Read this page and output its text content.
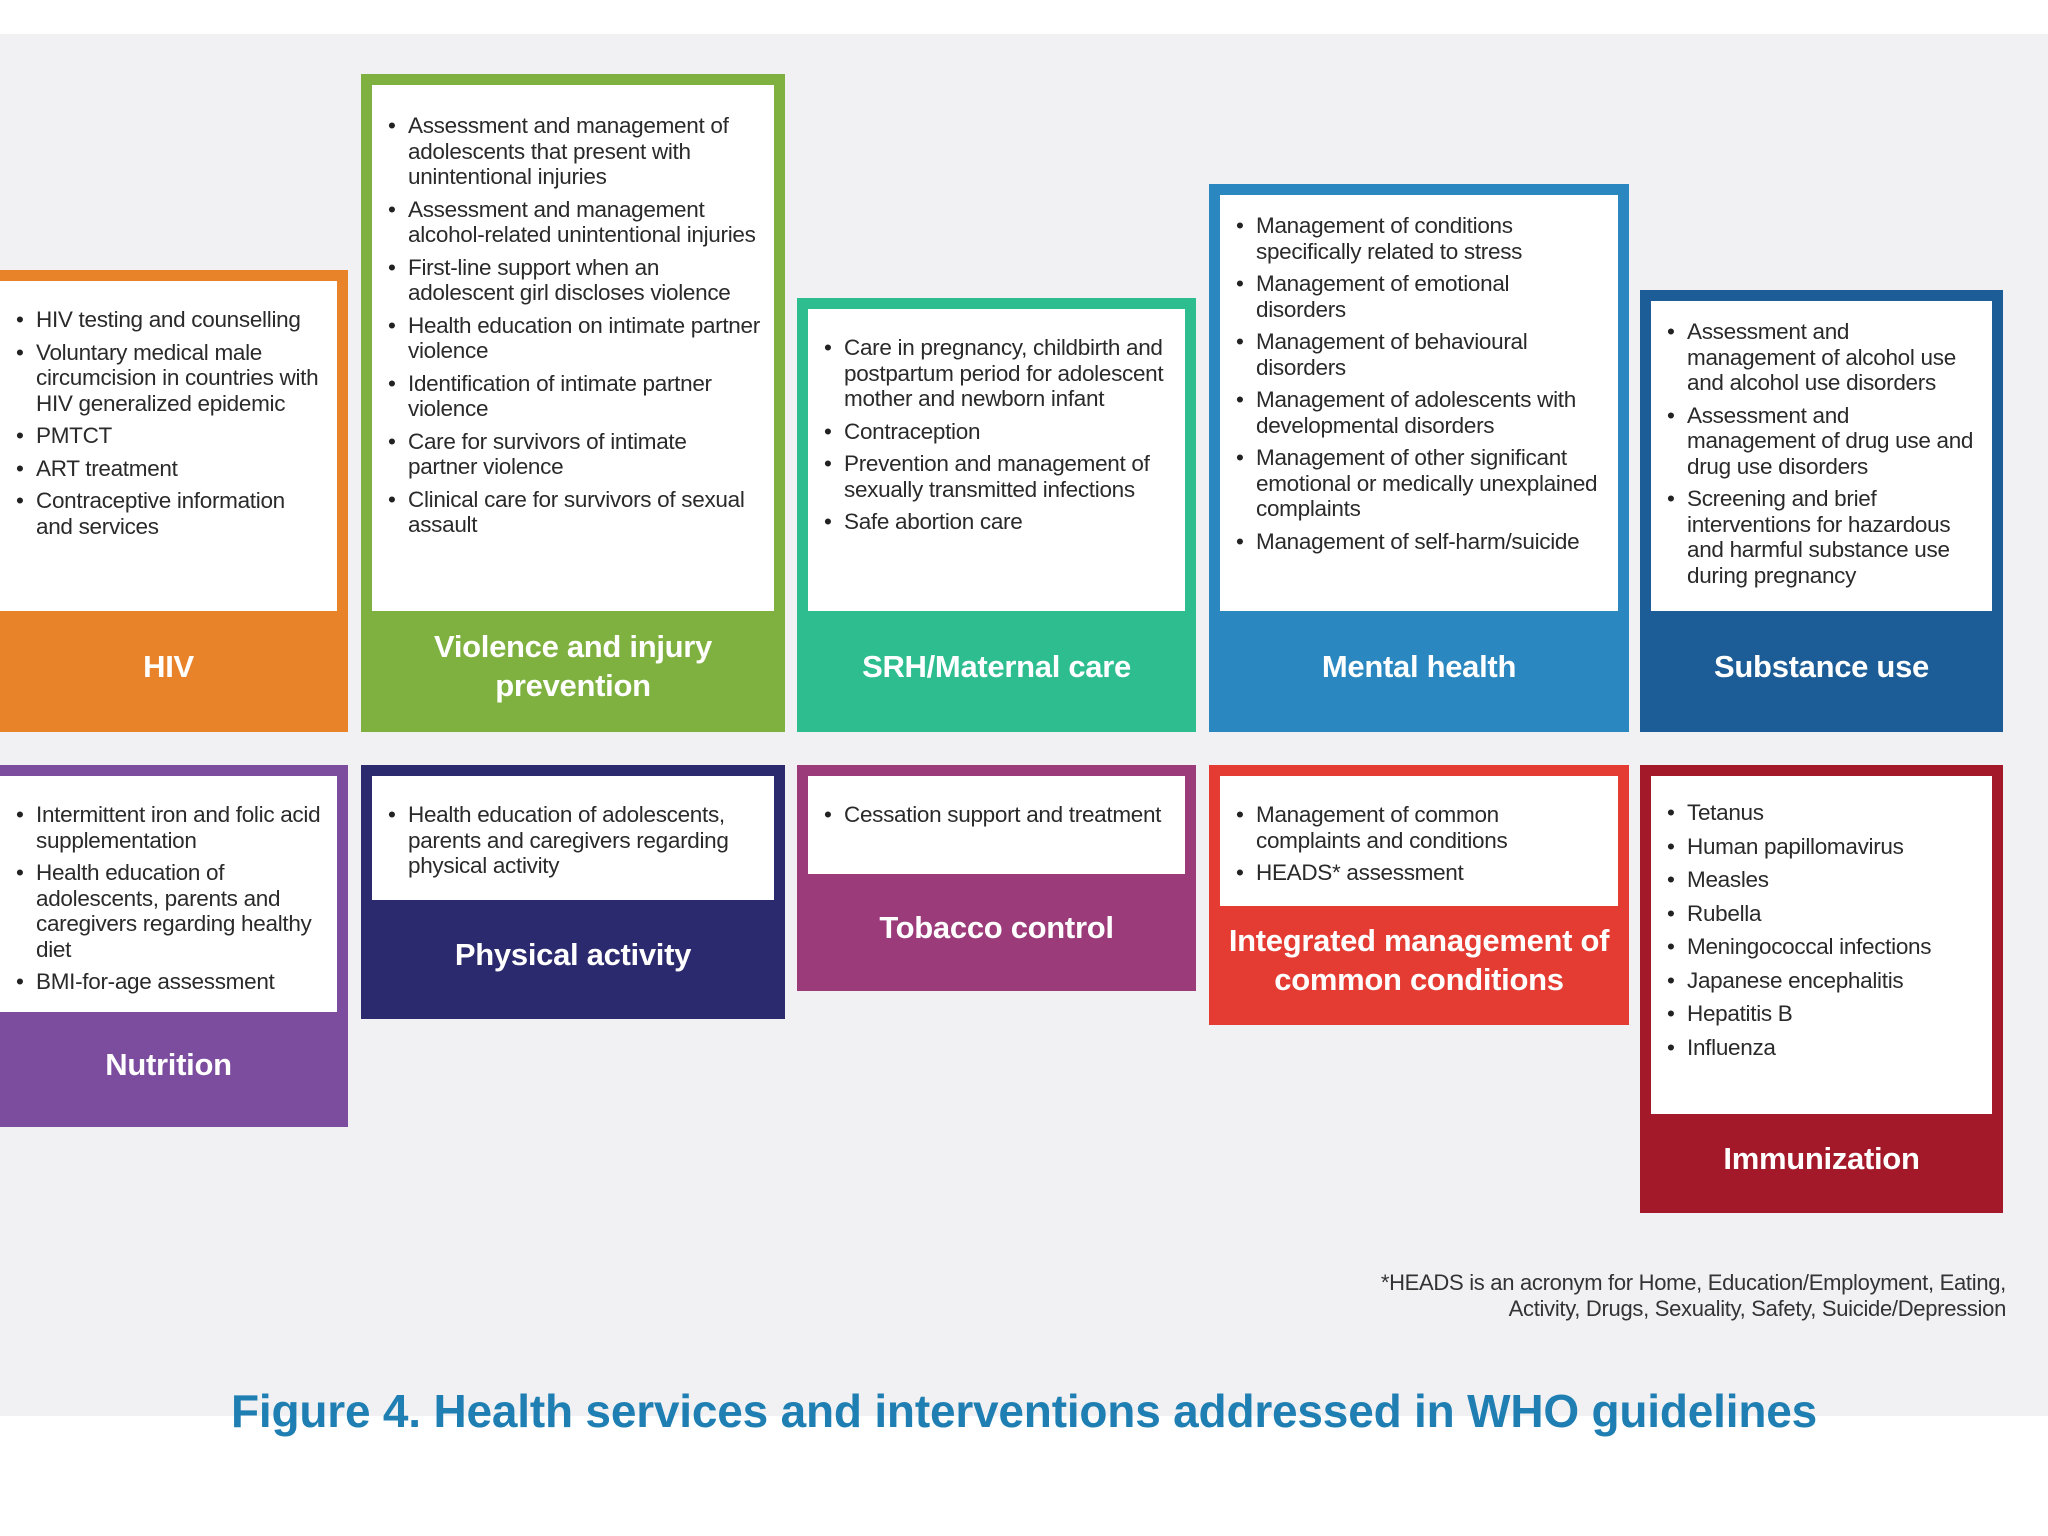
• HIV testing and counselling
• Voluntary medical male circumcision in countries with HIV generalized epidemic
• PMTCT
• ART treatment
• Contraceptive information and services
HIV
• Assessment and management of adolescents that present with unintentional injuries
• Assessment and management alcohol-related unintentional injuries
• First-line support when an adolescent girl discloses violence
• Health education on intimate partner violence
• Identification of intimate partner violence
• Care for survivors of intimate partner violence
• Clinical care for survivors of sexual assault
Violence and injury prevention
• Care in pregnancy, childbirth and postpartum period for adolescent mother and newborn infant
• Contraception
• Prevention and management of sexually transmitted infections
• Safe abortion care
SRH/Maternal care
• Management of conditions specifically related to stress
• Management of emotional disorders
• Management of behavioural disorders
• Management of adolescents with developmental disorders
• Management of other significant emotional or medically unexplained complaints
• Management of self-harm/suicide
Mental health
• Assessment and management of alcohol use and alcohol use disorders
• Assessment and management of drug use and drug use disorders
• Screening and brief interventions for hazardous and harmful substance use during pregnancy
Substance use
• Intermittent iron and folic acid supplementation
• Health education of adolescents, parents and caregivers regarding healthy diet
• BMI-for-age assessment
Nutrition
• Health education of adolescents, parents and caregivers regarding physical activity
Physical activity
• Cessation support and treatment
Tobacco control
• Management of common complaints and conditions
• HEADS* assessment
Integrated management of common conditions
• Tetanus
• Human papillomavirus
• Measles
• Rubella
• Meningococcal infections
• Japanese encephalitis
• Hepatitis B
• Influenza
Immunization
*HEADS is an acronym for Home, Education/Employment, Eating,
Activity, Drugs, Sexuality, Safety, Suicide/Depression
Figure 4. Health services and interventions addressed in WHO guidelines
